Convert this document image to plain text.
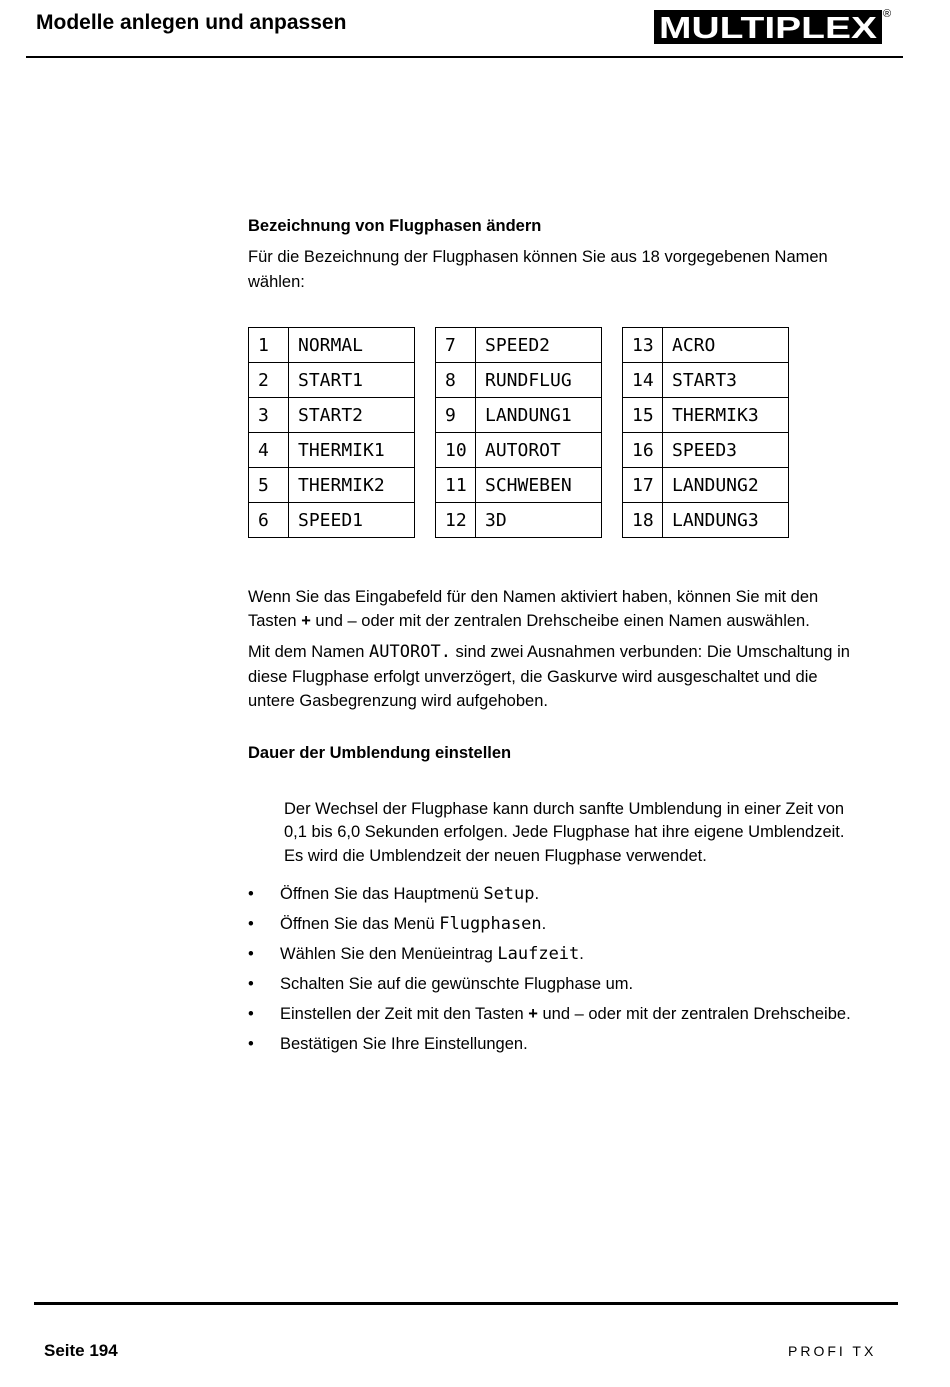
Modelle anlegen und anpassen	MULTIPLEX ®
Bezeichnung von Flugphasen ändern
Für die Bezeichnung der Flugphasen können Sie aus 18 vorgegebenen Namen
wählen:
1	NORMAL
2	START1
3	START2
4	THERMIK1
5	THERMIK2
6	SPEED1
7	SPEED2
8	RUNDFLUG
9	LANDUNG1
10	AUTOROT
11	SCHWEBEN
12	3D
13	ACRO
14	START3
15	THERMIK3
16	SPEED3
17	LANDUNG2
18	LANDUNG3
Wenn Sie das Eingabefeld für den Namen aktiviert haben, können Sie mit den
Tasten + und – oder mit der zentralen Drehscheibe einen Namen auswählen.
Mit dem Namen AUTOROT. sind zwei Ausnahmen verbunden: Die Umschaltung in
diese Flugphase erfolgt unverzögert, die Gaskurve wird ausgeschaltet und die
untere Gasbegrenzung wird aufgehoben.
Dauer der Umblendung einstellen
Der Wechsel der Flugphase kann durch sanfte Umblendung in einer Zeit von
0,1 bis 6,0 Sekunden erfolgen. Jede Flugphase hat ihre eigene Umblendzeit.
Es wird die Umblendzeit der neuen Flugphase verwendet.
• Öffnen Sie das Hauptmenü Setup.
• Öffnen Sie das Menü Flugphasen.
• Wählen Sie den Menüeintrag Laufzeit.
• Schalten Sie auf die gewünschte Flugphase um.
• Einstellen der Zeit mit den Tasten + und – oder mit der zentralen Drehscheibe.
• Bestätigen Sie Ihre Einstellungen.
Seite 194	PROFI TX
